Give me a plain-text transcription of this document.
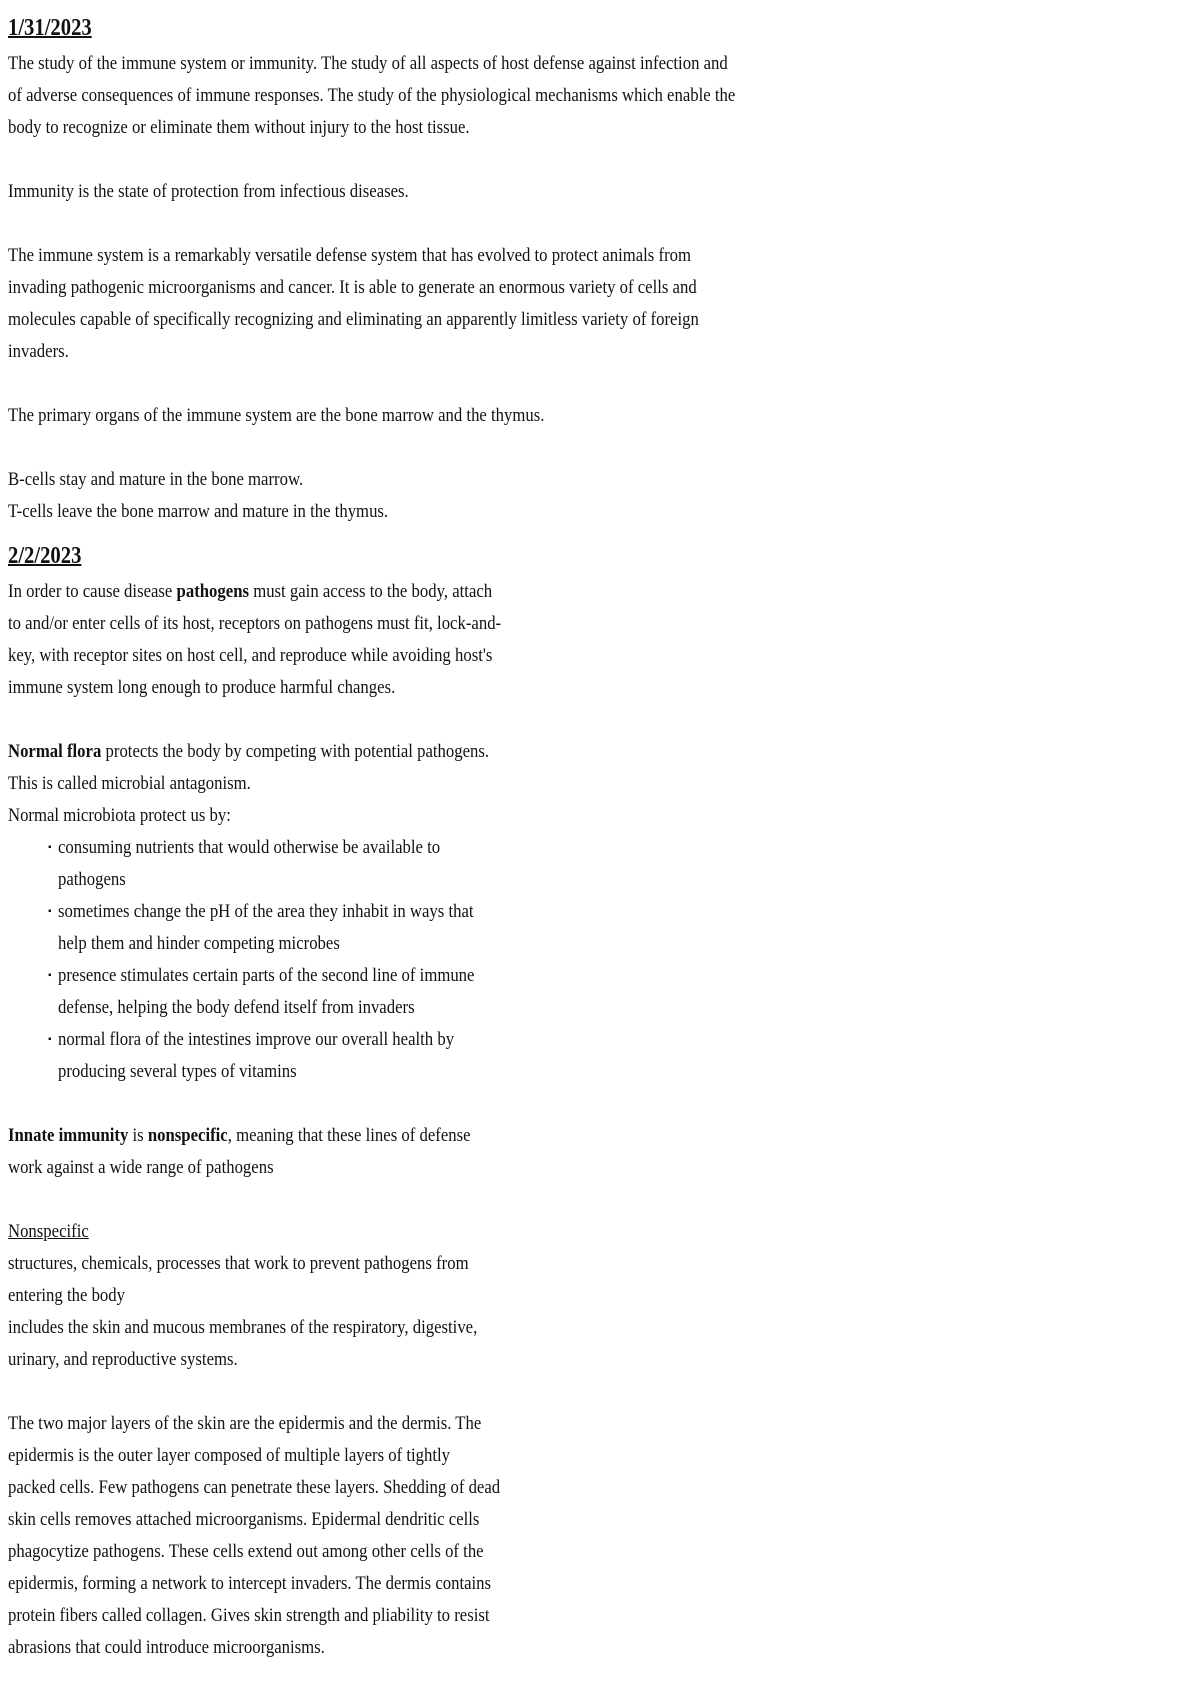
1/31/2023
The study of the immune system or immunity. The study of all aspects of host defense against infection and
of adverse consequences of immune responses. The study of the physiological mechanisms which enable the
body to recognize or eliminate them without injury to the host tissue.
Immunity is the state of protection from infectious diseases.
The immune system is a remarkably versatile defense system that has evolved to protect animals from
invading pathogenic microorganisms and cancer. It is able to generate an enormous variety of cells and
molecules capable of specifically recognizing and eliminating an apparently limitless variety of foreign
invaders.
The primary organs of the immune system are the bone marrow and the thymus.
B-cells stay and mature in the bone marrow.
T-cells leave the bone marrow and mature in the thymus.
2/2/2023
In order to cause disease pathogens must gain access to the body, attach
to and/or enter cells of its host, receptors on pathogens must fit, lock-and-
key, with receptor sites on host cell, and reproduce while avoiding host's
immune system long enough to produce harmful changes.
Normal flora protects the body by competing with potential pathogens.
This is called microbial antagonism.
Normal microbiota protect us by:
▪ consuming nutrients that would otherwise be available to
pathogens
▪ sometimes change the pH of the area they inhabit in ways that
help them and hinder competing microbes
▪ presence stimulates certain parts of the second line of immune
defense, helping the body defend itself from invaders
▪ normal flora of the intestines improve our overall health by
producing several types of vitamins
Innate immunity is nonspecific, meaning that these lines of defense
work against a wide range of pathogens
Nonspecific
structures, chemicals, processes that work to prevent pathogens from
entering the body
includes the skin and mucous membranes of the respiratory, digestive,
urinary, and reproductive systems.
The two major layers of the skin are the epidermis and the dermis. The
epidermis is the outer layer composed of multiple layers of tightly
packed cells. Few pathogens can penetrate these layers. Shedding of dead
skin cells removes attached microorganisms. Epidermal dendritic cells
phagocytize pathogens. These cells extend out among other cells of the
epidermis, forming a network to intercept invaders. The dermis contains
protein fibers called collagen. Gives skin strength and pliability to resist
abrasions that could introduce microorganisms.
